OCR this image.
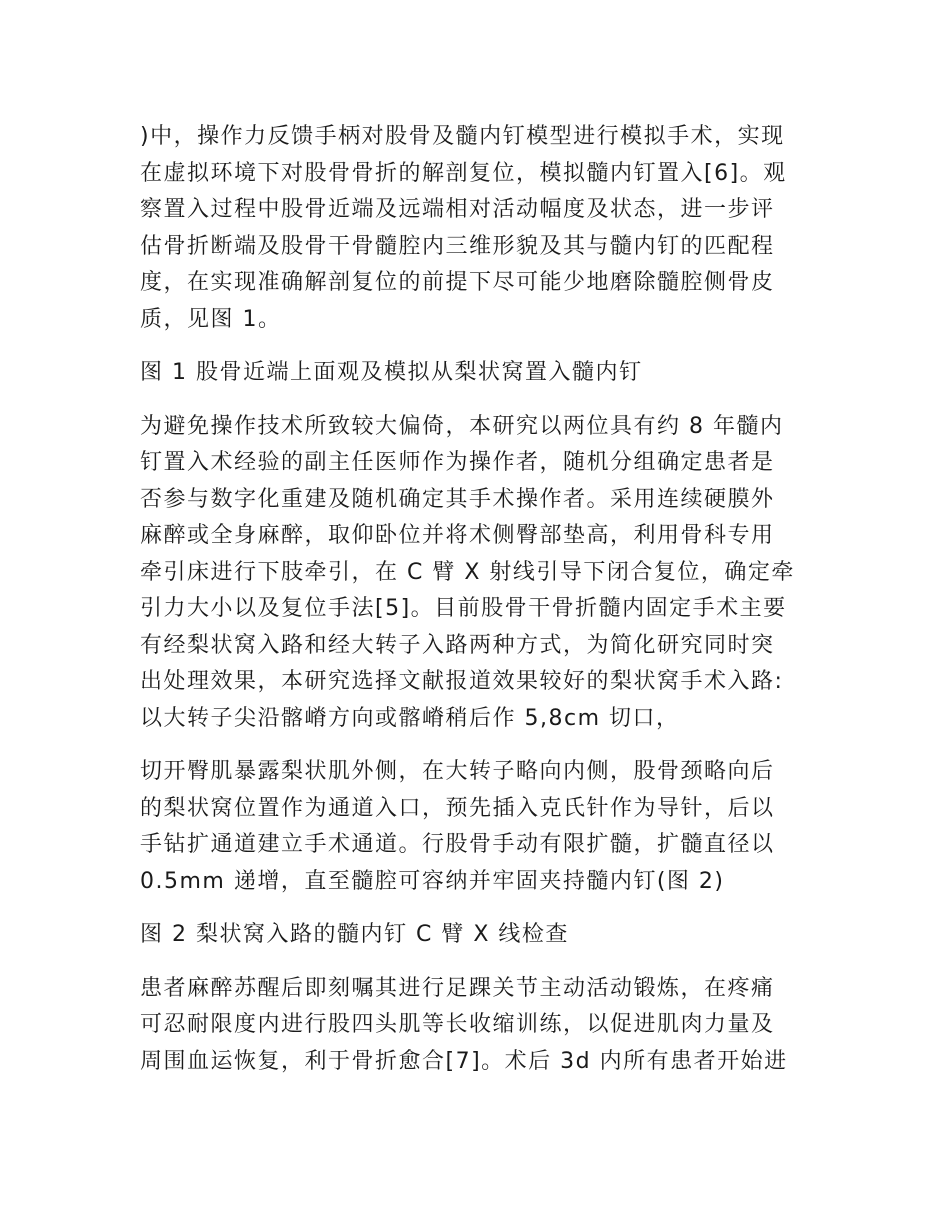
)中，操作力反馈手柄对股骨及髓内钉模型进行模拟手术，实现
在虚拟环境下对股骨骨折的解剖复位，模拟髓内钉置入[6]。观
察置入过程中股骨近端及远端相对活动幅度及状态，进一步评
估骨折断端及股骨干骨髓腔内三维形貌及其与髓内钉的匹配程
度，在实现准确解剖复位的前提下尽可能少地磨除髓腔侧骨皮
质，见图 1。

图 1 股骨近端上面观及模拟从梨状窝置入髓内钉

为避免操作技术所致较大偏倚，本研究以两位具有约 8 年髓内
钉置入术经验的副主任医师作为操作者，随机分组确定患者是
否参与数字化重建及随机确定其手术操作者。采用连续硬膜外
麻醉或全身麻醉，取仰卧位并将术侧臀部垫高，利用骨科专用
牵引床进行下肢牵引，在 C 臂 X 射线引导下闭合复位，确定牵
引力大小以及复位手法[5]。目前股骨干骨折髓内固定手术主要
有经梨状窝入路和经大转子入路两种方式，为简化研究同时突
出处理效果，本研究选择文献报道效果较好的梨状窝手术入路:
以大转子尖沿髂嵴方向或髂嵴稍后作 5,8cm 切口，

切开臀肌暴露梨状肌外侧，在大转子略向内侧，股骨颈略向后
的梨状窝位置作为通道入口，预先插入克氏针作为导针，后以
手钻扩通道建立手术通道。行股骨手动有限扩髓，扩髓直径以
0.5mm 递增，直至髓腔可容纳并牢固夹持髓内钉(图 2)

图 2 梨状窝入路的髓内钉 C 臂 X 线检查

患者麻醉苏醒后即刻嘱其进行足踝关节主动活动锻炼，在疼痛
可忍耐限度内进行股四头肌等长收缩训练，以促进肌肉力量及
周围血运恢复，利于骨折愈合[7]。术后 3d 内所有患者开始进
